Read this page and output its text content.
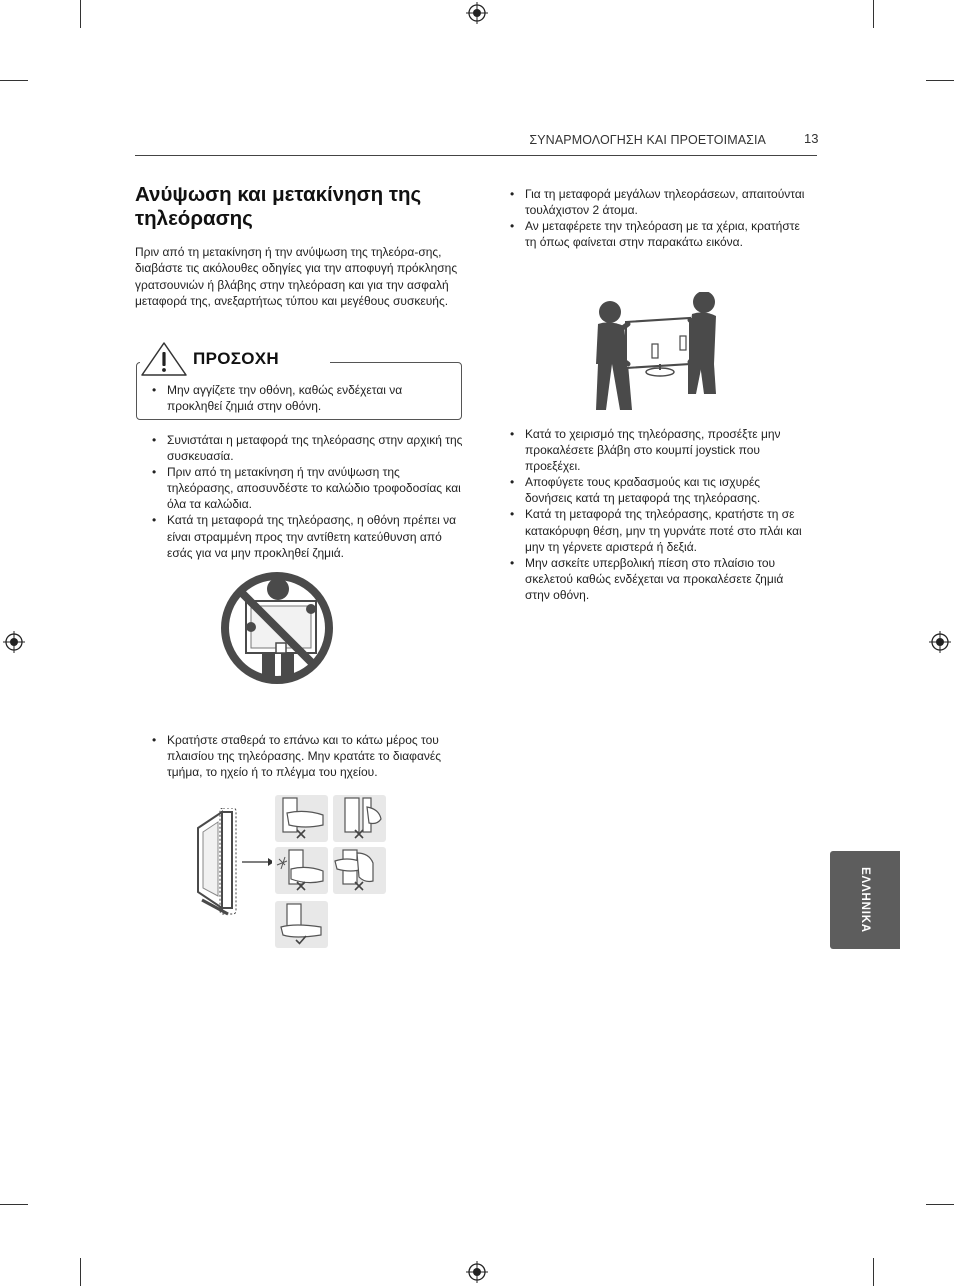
ΣΥΝΑΡΜΟΛΟΓΗΣΗ ΚΑΙ ΠΡΟΕΤΟΙΜΑΣΙΑ	13
Ανύψωση και μετακίνηση της τηλεόρασης

Πριν από τη μετακίνηση ή την ανύψωση της τηλεόρα-σης, διαβάστε τις ακόλουθες οδηγίες για την αποφυγή πρόκλησης γρατσουνιών ή βλάβης στην τηλεόραση και για την ασφαλή μεταφορά της, ανεξαρτήτως τύπου και μεγέθους συσκευής.

ΠΡΟΣΟΧΗ
• Μην αγγίζετε την οθόνη, καθώς ενδέχεται να προκληθεί ζημιά στην οθόνη.
• Συνιστάται η μεταφορά της τηλεόρασης στην αρχική της συσκευασία.
• Πριν από τη μετακίνηση ή την ανύψωση της τηλεόρασης, αποσυνδέστε το καλώδιο τροφοδοσίας και όλα τα καλώδια.
• Κατά τη μεταφορά της τηλεόρασης, η οθόνη πρέπει να είναι στραμμένη προς την αντίθετη κατεύθυνση από εσάς για να μην προκληθεί ζημιά.
• Κρατήστε σταθερά το επάνω και το κάτω μέρος του πλαισίου της τηλεόρασης. Μην κρατάτε το διαφανές τμήμα, το ηχείο ή το πλέγμα του ηχείου.
• Για τη μεταφορά μεγάλων τηλεοράσεων, απαιτούνται τουλάχιστον 2 άτομα.
• Αν μεταφέρετε την τηλεόραση με τα χέρια, κρατήστε τη όπως φαίνεται στην παρακάτω εικόνα.
• Κατά το χειρισμό της τηλεόρασης, προσέξτε μην προκαλέσετε βλάβη στο κουμπί joystick που προεξέχει.
• Αποφύγετε τους κραδασμούς και τις ισχυρές δονήσεις κατά τη μεταφορά της τηλεόρασης.
• Κατά τη μεταφορά της τηλεόρασης, κρατήστε τη σε κατακόρυφη θέση, μην τη γυρνάτε ποτέ στο πλάι και μην τη γέρνετε αριστερά ή δεξιά.
• Μην ασκείτε υπερβολική πίεση στο πλαίσιο του σκελετού καθώς ενδέχεται να προκαλέσετε ζημιά στην οθόνη.
ΕΛΛΗΝΙΚΑ
